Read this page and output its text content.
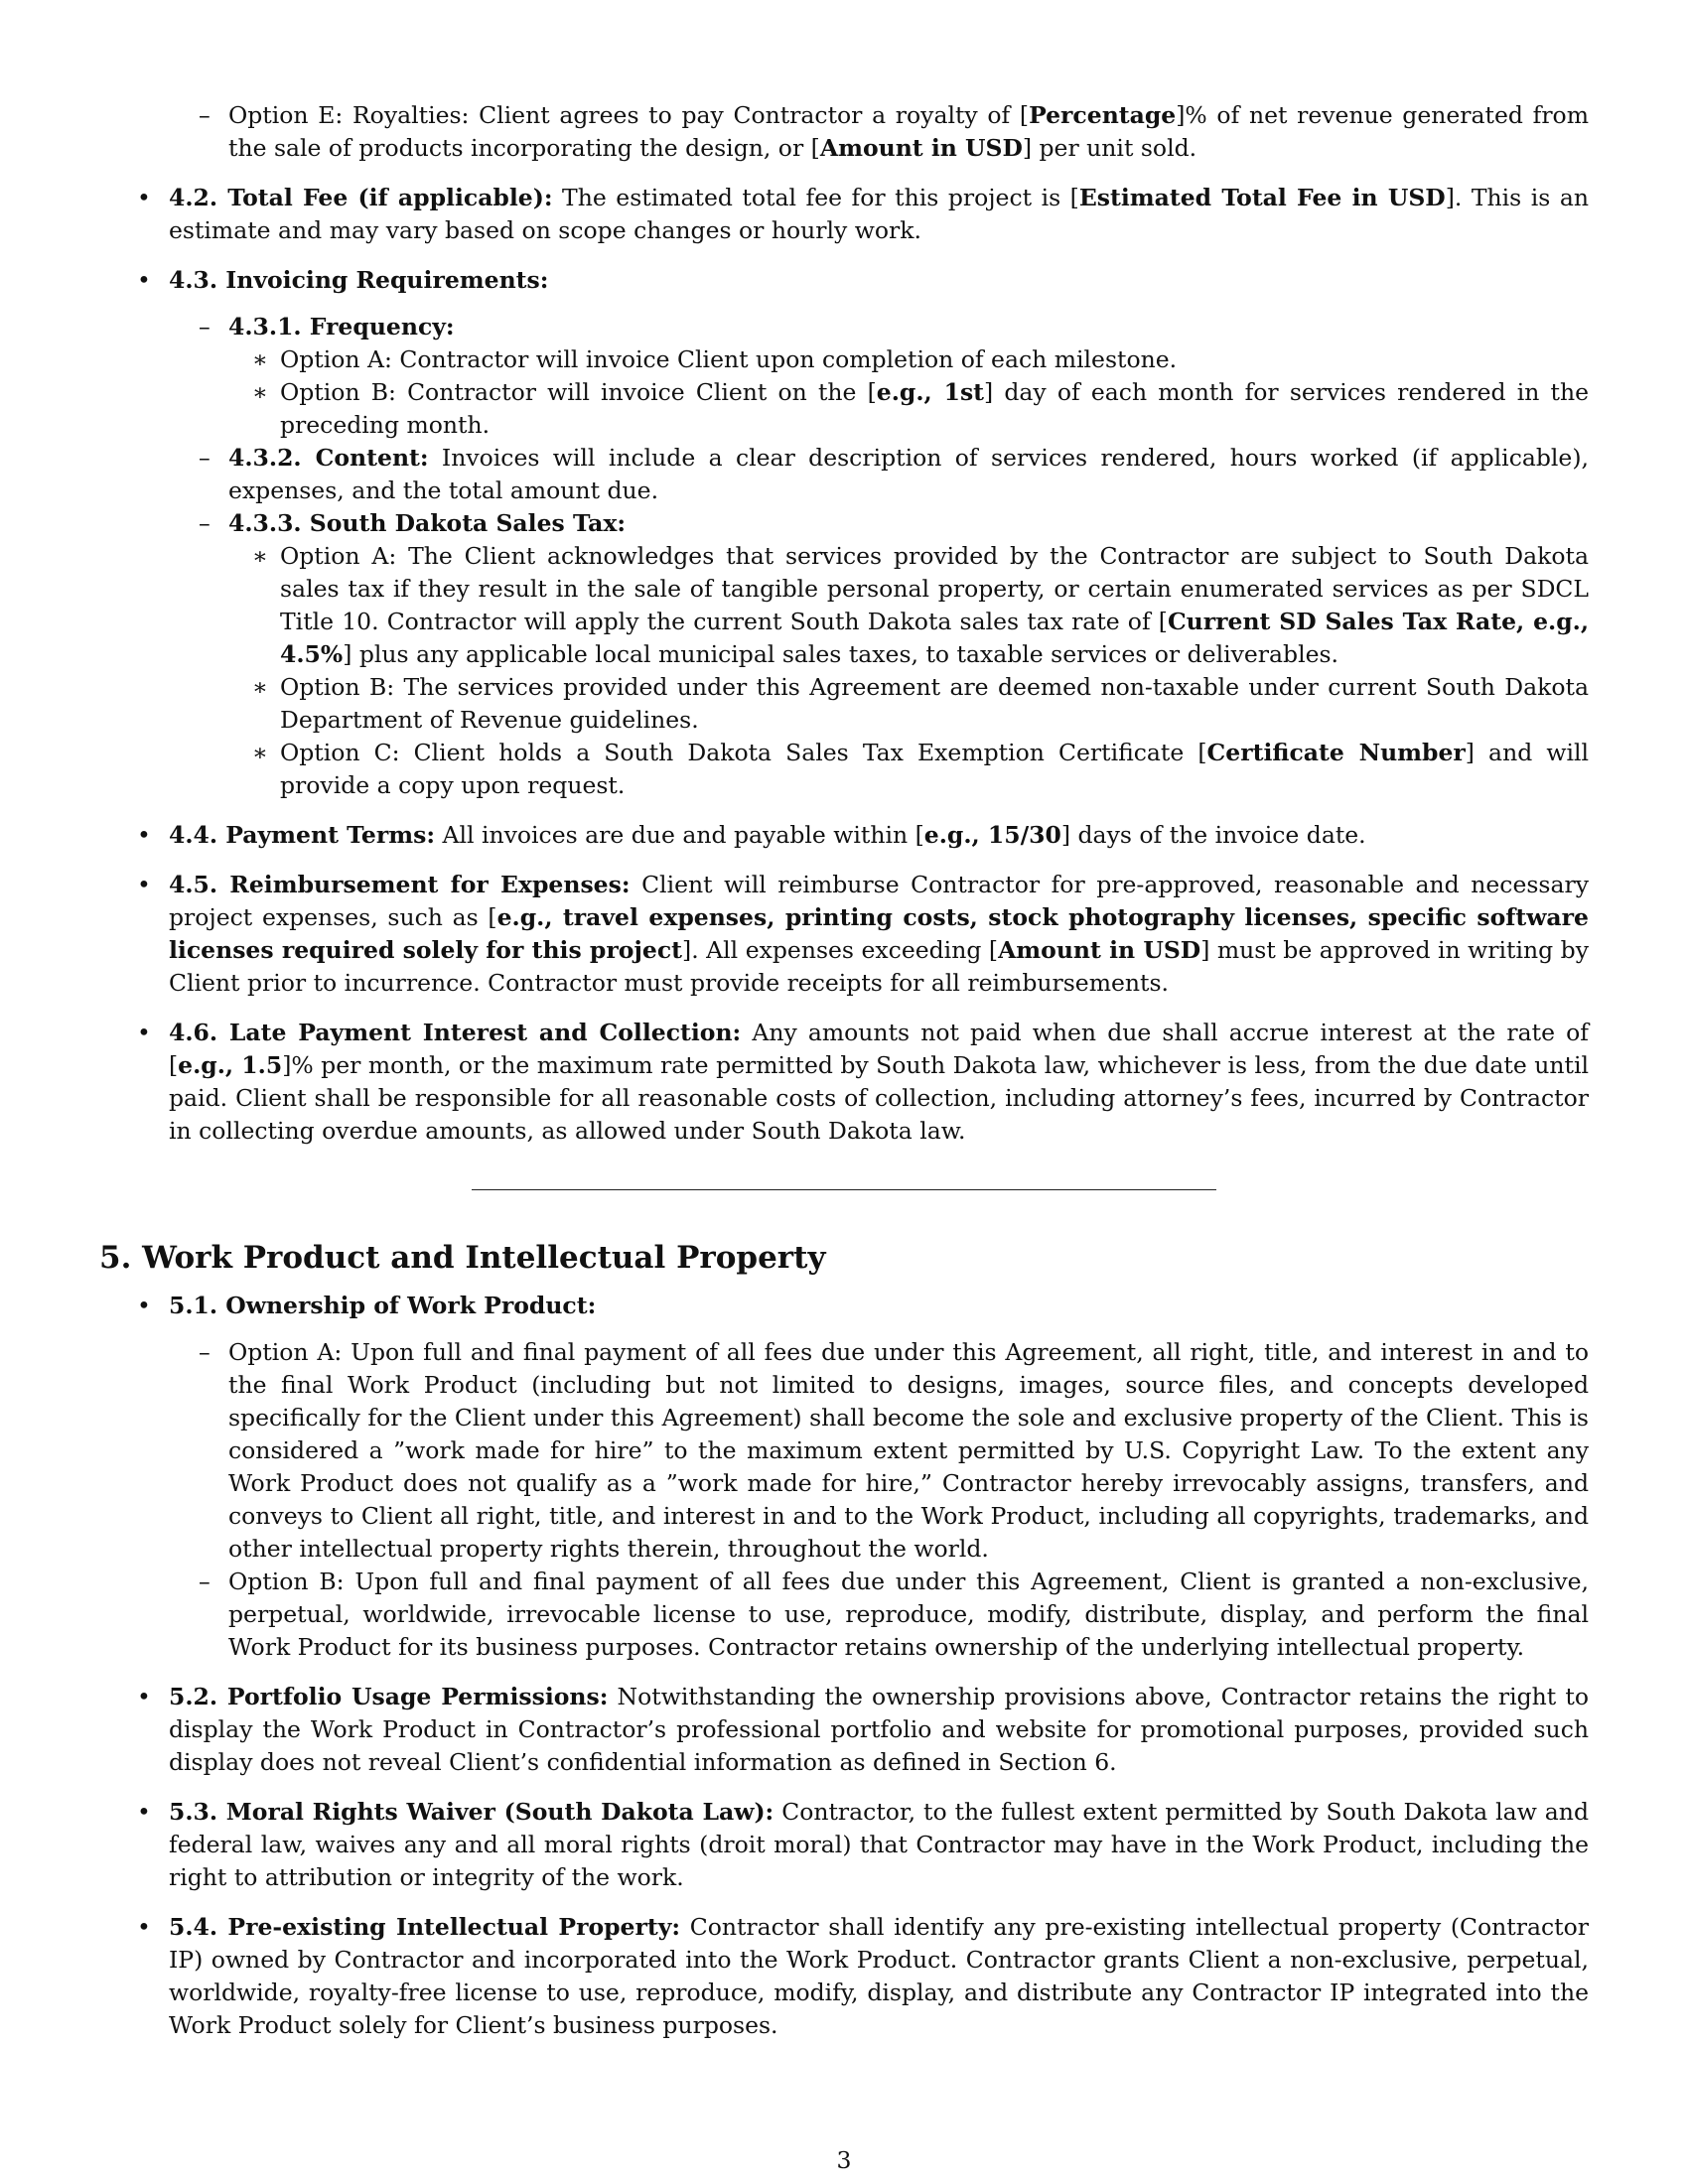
– Option E: Royalties: Client agrees to pay Contractor a royalty of [Percentage]% of net revenue generated from the sale of products incorporating the design, or [Amount in USD] per unit sold.

• 4.2. Total Fee (if applicable): The estimated total fee for this project is [Estimated Total Fee in USD]. This is an estimate and may vary based on scope changes or hourly work.

• 4.3. Invoicing Requirements:

– 4.3.1. Frequency:

∗ Option A: Contractor will invoice Client upon completion of each milestone.

∗ Option B: Contractor will invoice Client on the [e.g., 1st] day of each month for services rendered in the preceding month.

– 4.3.2. Content: Invoices will include a clear description of services rendered, hours worked (if applicable), expenses, and the total amount due.

– 4.3.3. South Dakota Sales Tax:

∗ Option A: The Client acknowledges that services provided by the Contractor are subject to South Dakota sales tax if they result in the sale of tangible personal property, or certain enumerated services as per SDCL Title 10. Contractor will apply the current South Dakota sales tax rate of [Current SD Sales Tax Rate, e.g., 4.5%] plus any applicable local municipal sales taxes, to taxable services or deliverables.

∗ Option B: The services provided under this Agreement are deemed non-taxable under current South Dakota Department of Revenue guidelines.

∗ Option C: Client holds a South Dakota Sales Tax Exemption Certificate [Certificate Number] and will provide a copy upon request.

• 4.4. Payment Terms: All invoices are due and payable within [e.g., 15/30] days of the invoice date.

• 4.5. Reimbursement for Expenses: Client will reimburse Contractor for pre-approved, reasonable and necessary project expenses, such as [e.g., travel expenses, printing costs, stock photography licenses, specific software licenses required solely for this project]. All expenses exceeding [Amount in USD] must be approved in writing by Client prior to incurrence. Contractor must provide receipts for all reimbursements.

• 4.6. Late Payment Interest and Collection: Any amounts not paid when due shall accrue interest at the rate of [e.g., 1.5]% per month, or the maximum rate permitted by South Dakota law, whichever is less, from the due date until paid. Client shall be responsible for all reasonable costs of collection, including attorney’s fees, incurred by Contractor in collecting overdue amounts, as allowed under South Dakota law.

5. Work Product and Intellectual Property

• 5.1. Ownership of Work Product:

– Option A: Upon full and final payment of all fees due under this Agreement, all right, title, and interest in and to the final Work Product (including but not limited to designs, images, source files, and concepts developed specifically for the Client under this Agreement) shall become the sole and exclusive property of the Client. This is considered a ”work made for hire” to the maximum extent permitted by U.S. Copyright Law. To the extent any Work Product does not qualify as a ”work made for hire,” Contractor hereby irrevocably assigns, transfers, and conveys to Client all right, title, and interest in and to the Work Product, including all copyrights, trademarks, and other intellectual property rights therein, throughout the world.

– Option B: Upon full and final payment of all fees due under this Agreement, Client is granted a non-exclusive, perpetual, worldwide, irrevocable license to use, reproduce, modify, distribute, display, and perform the final Work Product for its business purposes. Contractor retains ownership of the underlying intellectual property.

• 5.2. Portfolio Usage Permissions: Notwithstanding the ownership provisions above, Contractor retains the right to display the Work Product in Contractor’s professional portfolio and website for promotional purposes, provided such display does not reveal Client’s confidential information as defined in Section 6.

• 5.3. Moral Rights Waiver (South Dakota Law): Contractor, to the fullest extent permitted by South Dakota law and federal law, waives any and all moral rights (droit moral) that Contractor may have in the Work Product, including the right to attribution or integrity of the work.

• 5.4. Pre-existing Intellectual Property: Contractor shall identify any pre-existing intellectual property (Contractor IP) owned by Contractor and incorporated into the Work Product. Contractor grants Client a non-exclusive, perpetual, worldwide, royalty-free license to use, reproduce, modify, display, and distribute any Contractor IP integrated into the Work Product solely for Client’s business purposes.

3
